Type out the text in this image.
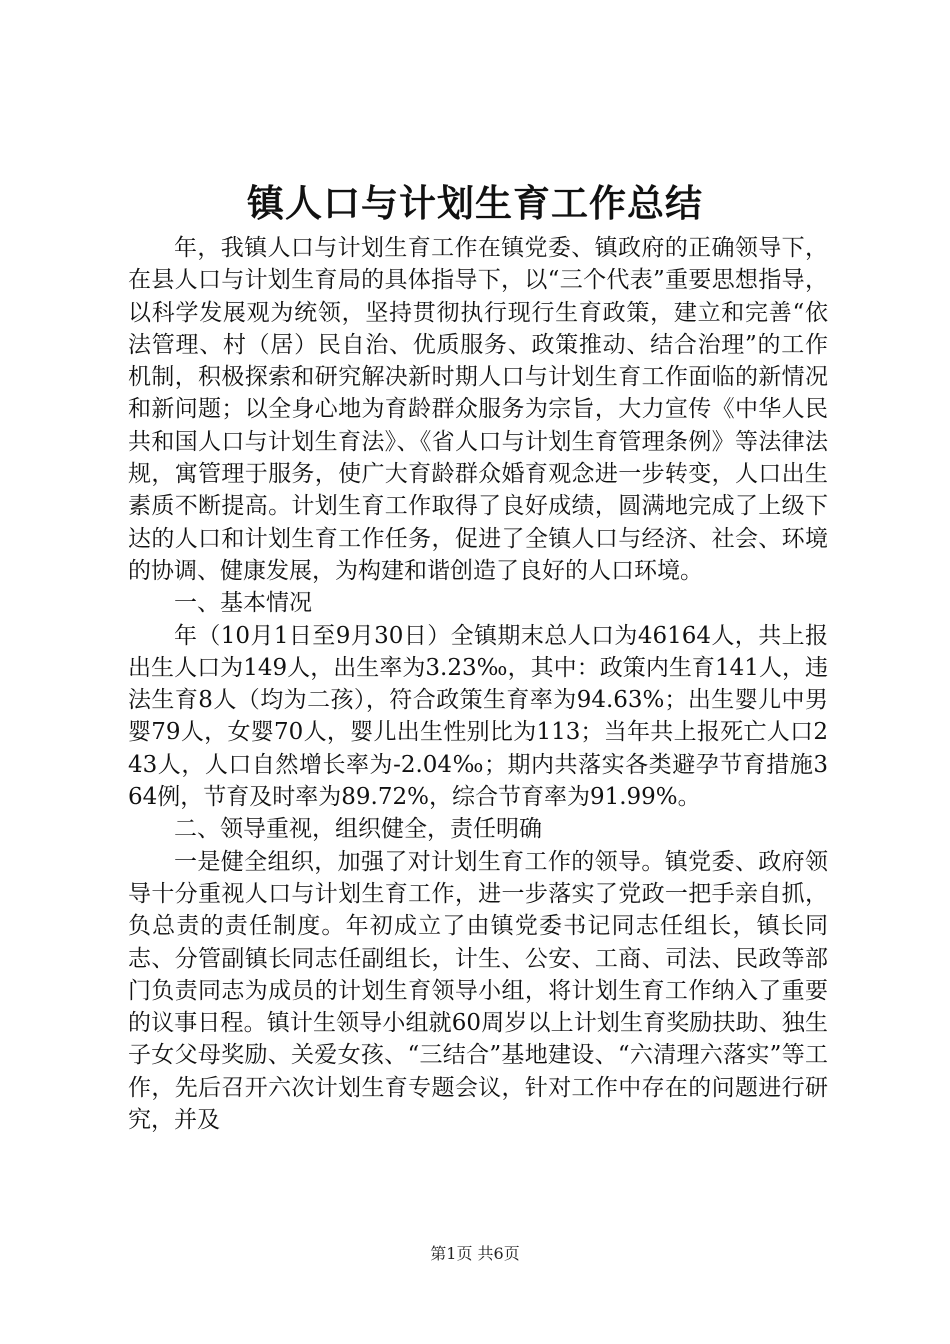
镇人口与计划生育工作总结

年，我镇人口与计划生育工作在镇党委、镇政府的正确领导下，在县人口与计划生育局的具体指导下，以“三个代表”重要思想指导，以科学发展观为统领，坚持贯彻执行现行生育政策，建立和完善“依法管理、村（居）民自治、优质服务、政策推动、结合治理”的工作机制，积极探索和研究解决新时期人口与计划生育工作面临的新情况和新问题；以全身心地为育龄群众服务为宗旨，大力宣传《中华人民共和国人口与计划生育法》、《省人口与计划生育管理条例》等法律法规，寓管理于服务，使广大育龄群众婚育观念进一步转变，人口出生素质不断提高。计划生育工作取得了良好成绩，圆满地完成了上级下达的人口和计划生育工作任务，促进了全镇人口与经济、社会、环境的协调、健康发展，为构建和谐创造了良好的人口环境。

一、基本情况

年（10月1日至9月30日）全镇期末总人口为46164人，共上报出生人口为149人，出生率为3.23‰，其中：政策内生育141人，违法生育8人（均为二孩），符合政策生育率为94.63%；出生婴儿中男婴79人，女婴70人，婴儿出生性别比为113；当年共上报死亡人口243人，人口自然增长率为-2.04‰；期内共落实各类避孕节育措施364例，节育及时率为89.72%，综合节育率为91.99%。

二、领导重视，组织健全，责任明确

一是健全组织，加强了对计划生育工作的领导。镇党委、政府领导十分重视人口与计划生育工作，进一步落实了党政一把手亲自抓，负总责的责任制度。年初成立了由镇党委书记同志任组长，镇长同志、分管副镇长同志任副组长，计生、公安、工商、司法、民政等部门负责同志为成员的计划生育领导小组，将计划生育工作纳入了重要的议事日程。镇计生领导小组就60周岁以上计划生育奖励扶助、独生子女父母奖励、关爱女孩、“三结合”基地建设、“六清理六落实”等工作，先后召开六次计划生育专题会议，针对工作中存在的问题进行研究，并及

第1页 共6页
